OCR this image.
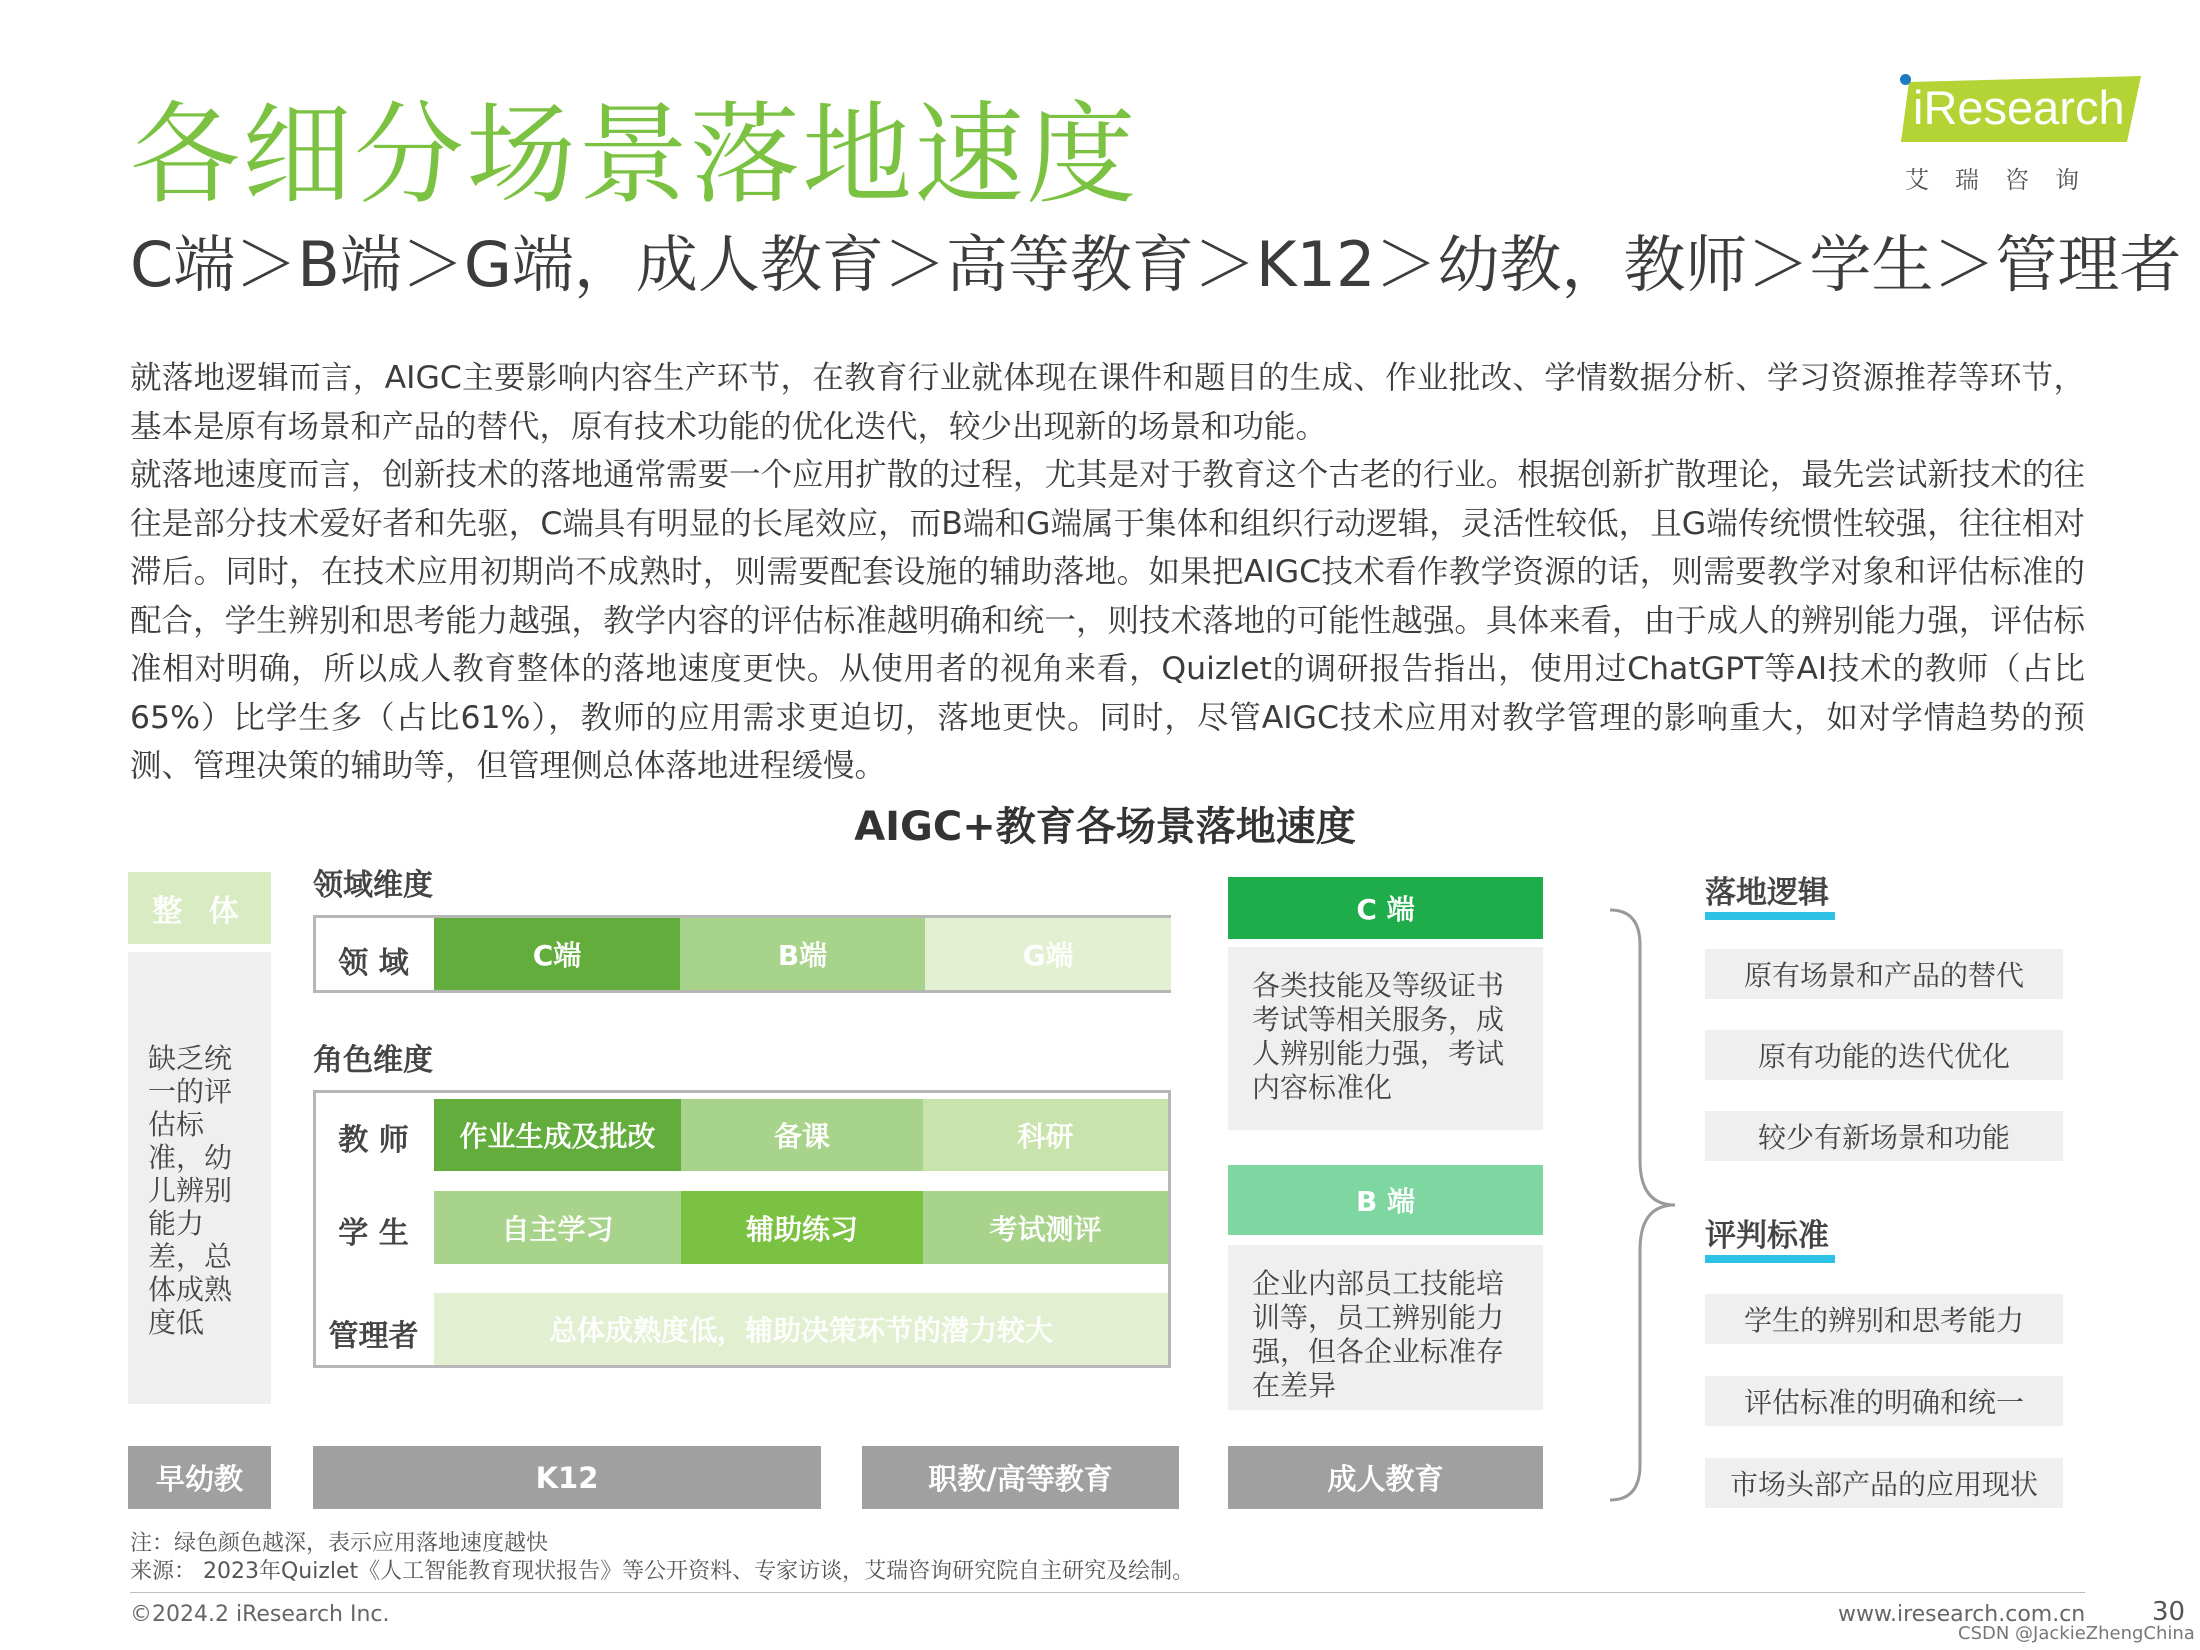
各细分场景落地速度
C端＞B端＞G端，成人教育＞高等教育＞K12＞幼教，教师＞学生＞管理者
iResearch
艾瑞咨询

就落地逻辑而言，AIGC主要影响内容生产环节，在教育行业就体现在课件和题目的生成、作业批改、学情数据分析、学习资源推荐等环节，基本是原有场景和产品的替代，原有技术功能的优化迭代，较少出现新的场景和功能。

就落地速度而言，创新技术的落地通常需要一个应用扩散的过程，尤其是对于教育这个古老的行业。根据创新扩散理论，最先尝试新技术的往往是部分技术爱好者和先驱，C端具有明显的长尾效应，而B端和G端属于集体和组织行动逻辑，灵活性较低，且G端传统惯性较强，往往相对滞后。同时，在技术应用初期尚不成熟时，则需要配套设施的辅助落地。如果把AIGC技术看作教学资源的话，则需要教学对象和评估标准的配合，学生辨别和思考能力越强，教学内容的评估标准越明确和统一，则技术落地的可能性越强。具体来看，由于成人的辨别能力强，评估标准相对明确，所以成人教育整体的落地速度更快。从使用者的视角来看，Quizlet的调研报告指出，使用过ChatGPT等AI技术的教师（占比65%）比学生多（占比61%），教师的应用需求更迫切，落地更快。同时，尽管AIGC技术应用对教学管理的影响重大，如对学情趋势的预测、管理决策的辅助等，但管理侧总体落地进程缓慢。

AIGC+教育各场景落地速度
整 体
缺乏统一的评估标准，幼儿辨别能力差，总体成熟度低
领域维度
领 域	C端	B端	G端
角色维度
教 师	作业生成及批改	备课	科研
学 生	自主学习	辅助练习	考试测评
管理者	总体成熟度低，辅助决策环节的潜力较大
早幼教	K12	职教/高等教育	成人教育
C 端
各类技能及等级证书考试等相关服务，成人辨别能力强，考试内容标准化
B 端
企业内部员工技能培训等，员工辨别能力强，但各企业标准存在差异
落地逻辑
原有场景和产品的替代
原有功能的迭代优化
较少有新场景和功能
评判标准
学生的辨别和思考能力
评估标准的明确和统一
市场头部产品的应用现状
注：绿色颜色越深，表示应用落地速度越快
来源： 2023年Quizlet《人工智能教育现状报告》等公开资料、专家访谈，艾瑞咨询研究院自主研究及绘制。
©2024.2 iResearch Inc.	www.iresearch.com.cn	30
CSDN @JackieZhengChina
